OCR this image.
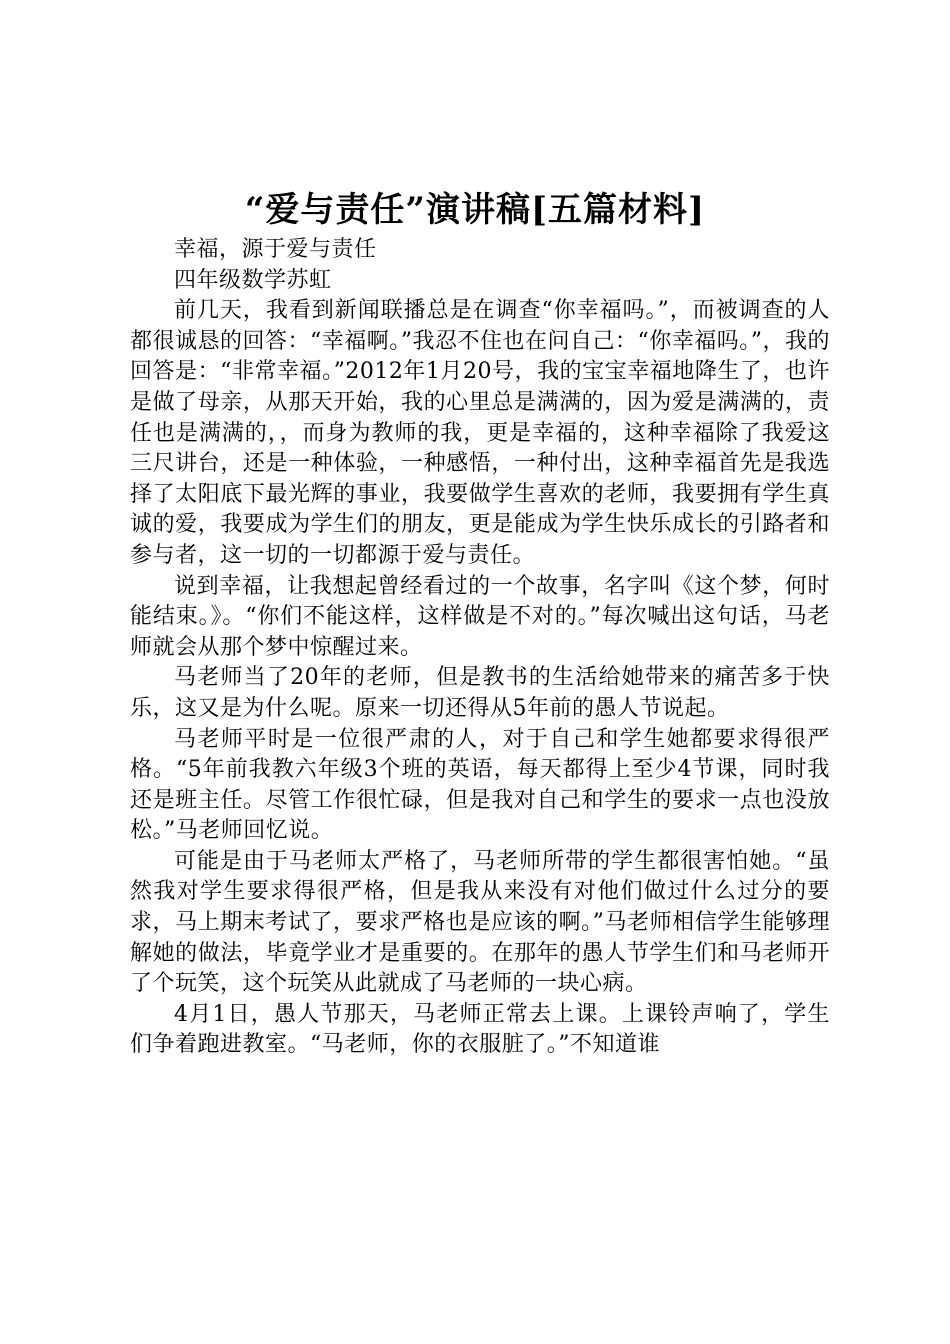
“爱与责任”演讲稿[五篇材料]

幸福，源于爱与责任

四年级数学苏虹

前几天，我看到新闻联播总是在调查“你幸福吗。”，而被调查的人都很诚恳的回答：“幸福啊。”我忍不住也在问自己：“你幸福吗。”，我的回答是：“非常幸福。”2012年1月20号，我的宝宝幸福地降生了，也许是做了母亲，从那天开始，我的心里总是满满的，因为爱是满满的，责任也是满满的，，而身为教师的我，更是幸福的，这种幸福除了我爱这三尺讲台，还是一种体验，一种感悟，一种付出，这种幸福首先是我选择了太阳底下最光辉的事业，我要做学生喜欢的老师，我要拥有学生真诚的爱，我要成为学生们的朋友，更是能成为学生快乐成长的引路者和参与者，这一切的一切都源于爱与责任。

说到幸福，让我想起曾经看过的一个故事，名字叫《这个梦，何时能结束。》。“你们不能这样，这样做是不对的。”每次喊出这句话，马老师就会从那个梦中惊醒过来。

马老师当了20年的老师，但是教书的生活给她带来的痛苦多于快乐，这又是为什么呢。原来一切还得从5年前的愚人节说起。

马老师平时是一位很严肃的人，对于自己和学生她都要求得很严格。“5年前我教六年级3个班的英语，每天都得上至少4节课，同时我还是班主任。尽管工作很忙碌，但是我对自己和学生的要求一点也没放松。”马老师回忆说。

可能是由于马老师太严格了，马老师所带的学生都很害怕她。“虽然我对学生要求得很严格，但是我从来没有对他们做过什么过分的要求，马上期末考试了，要求严格也是应该的啊。”马老师相信学生能够理解她的做法，毕竟学业才是重要的。在那年的愚人节学生们和马老师开了个玩笑，这个玩笑从此就成了马老师的一块心病。

4月1日，愚人节那天，马老师正常去上课。上课铃声响了，学生们争着跑进教室。“马老师，你的衣服脏了。”不知道谁
